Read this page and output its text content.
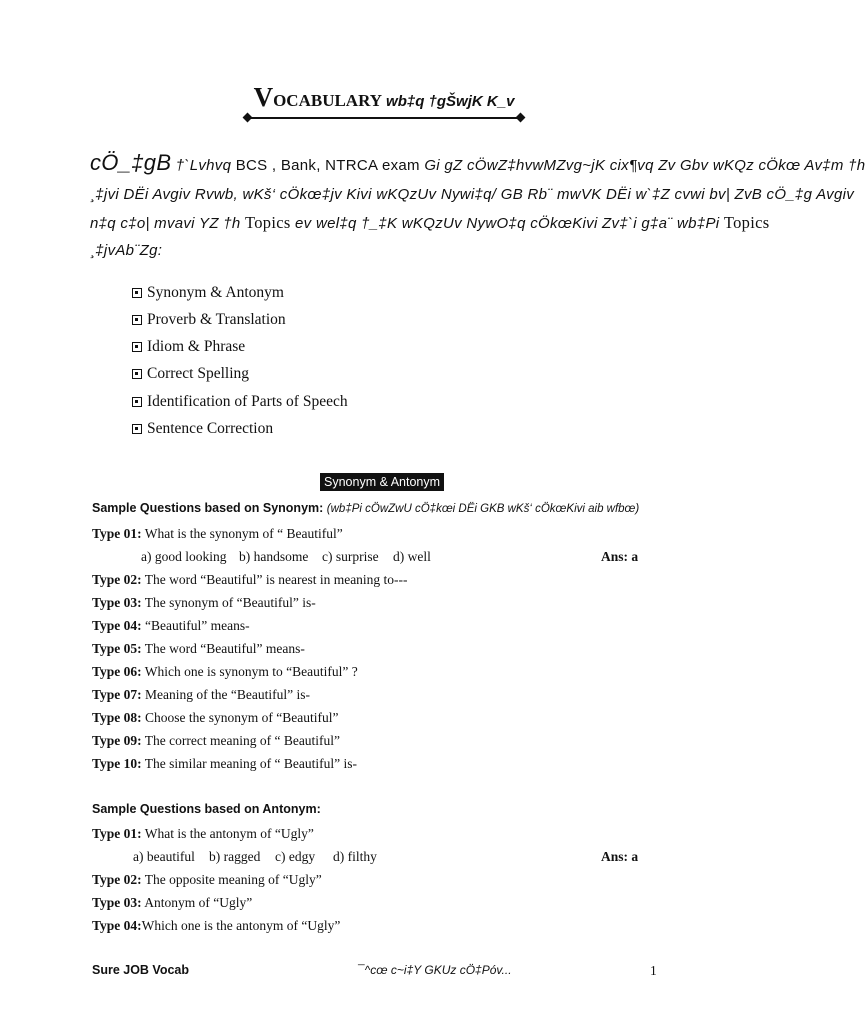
VOCABULARY wb‡q †gŠwjK K_v
cÖ_‡gB †`Lvhvq BCS , Bank, NTRCA exam Gi gZ cÖwZ‡hvwMZvg~jK cix¶vq Zv Gbv wKQz cÖkœ Av‡m †h
¸‡jvi DËi Avgiv Rvwb, wKš‘ cÖkœ‡jv Kivi wKQzUv Nywi‡q/ GB Rb¨ mwVK DËi w`‡Z cvwi bv| ZvB cÖ_‡g Avgiv
n‡q c‡o| mvavi YZ †h Topics ev wel‡q †_‡K wKQzUv NywO‡q cÖkœKivi Zv‡`i g‡a¨ wb‡Pi Topics
¸‡jvAb¨Zg:
Synonym & Antonym
Proverb & Translation
Idiom & Phrase
Correct Spelling
Identification of Parts of Speech
Sentence Correction
Synonym & Antonym
Sample Questions based on Synonym: (wb‡Pi cÖwZwU cÖ‡kœi DËi GKB wKš‘ cÖkœKivi aib wfbœ)
Type 01: What is the synonym of “ Beautiful”
a) good looking b) handsome c) surprise d) well	Ans: a
Type 02: The word “Beautiful” is nearest in meaning to---
Type 03: The synonym of “Beautiful” is-
Type 04: “Beautiful” means-
Type 05: The word “Beautiful” means-
Type 06: Which one is synonym to “Beautiful” ?
Type 07: Meaning of the “Beautiful” is-
Type 08: Choose the synonym of “Beautiful”
Type 09: The correct meaning of “ Beautiful”
Type 10: The similar meaning of “ Beautiful” is-
Sample Questions based on Antonym:
Type 01: What is the antonym of “Ugly”
a) beautiful b) ragged c) edgy d) filthy	Ans: a
Type 02: The opposite meaning of “Ugly”
Type 03: Antonym of “Ugly”
Type 04:Which one is the antonym of “Ugly”
Sure JOB Vocab	¯^cœ c~i‡Y GKUz cÖ‡Póv...	1
